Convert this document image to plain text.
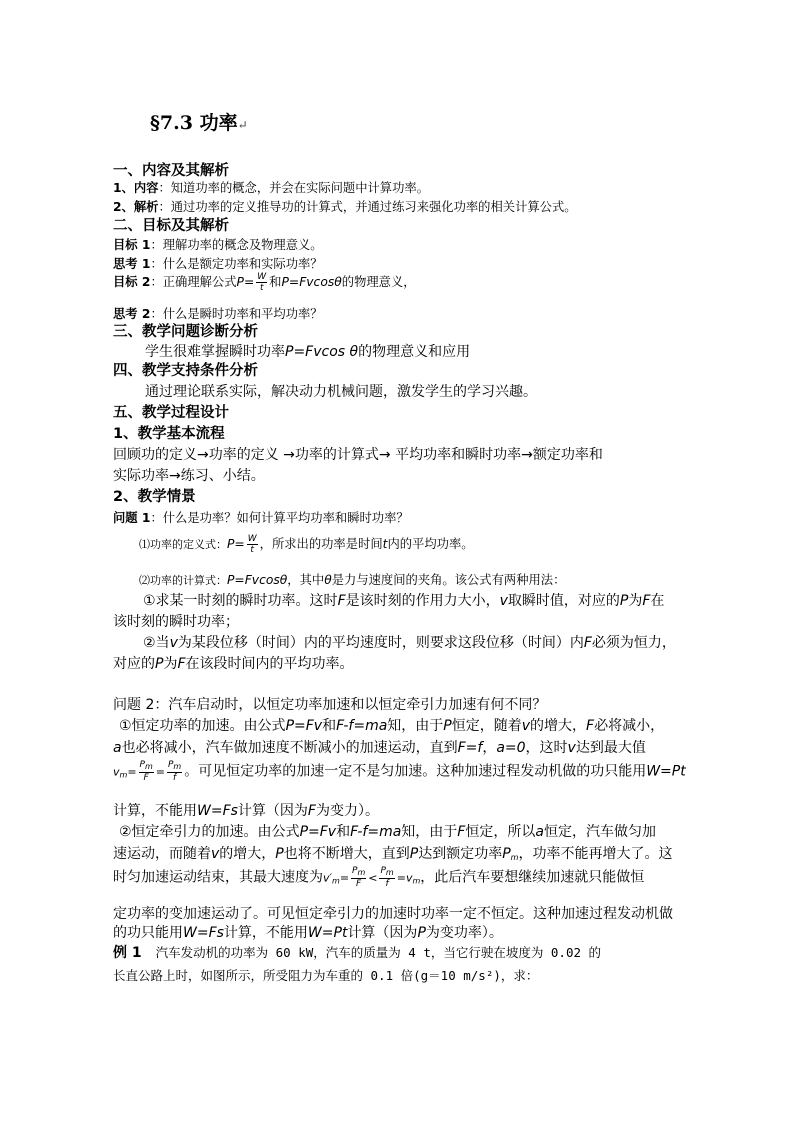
§7.3 功率↵
一、内容及其解析
1、内容：知道功率的概念，并会在实际问题中计算功率。
2、解析：通过功率的定义推导功的计算式，并通过练习来强化功率的相关计算公式。
二、目标及其解析
目标 1：理解功率的概念及物理意义。
思考 1：什么是额定功率和实际功率？
目标 2：正确理解公式$P= \frac{W}{t}$ 和P=Fvcosθ的物理意义，
思考 2：什么是瞬时功率和平均功率？
三、教学问题诊断分析
学生很难掌握瞬时功率P=Fvcos θ的物理意义和应用
四、教学支持条件分析
通过理论联系实际，解决动力机械问题，激发学生的学习兴趣。
五、教学过程设计
1、教学基本流程
回顾功的定义→功率的定义 →功率的计算式→ 平均功率和瞬时功率→额定功率和
实际功率→练习、小结。
2、教学情景
问题 1：什么是功率？如何计算平均功率和瞬时功率？
⑴功率的定义式：$P= \frac{W}{t}$ ，所求出的功率是时间t内的平均功率。
⑵功率的计算式：P=Fvcosθ，其中θ是力与速度间的夹角。该公式有两种用法：
①求某一时刻的瞬时功率。这时F是该时刻的作用力大小，v取瞬时值，对应的P为F在
该时刻的瞬时功率；
②当v为某段位移（时间）内的平均速度时，则要求这段位移（时间）内F必须为恒力，
对应的P为F在该段时间内的平均功率。
问题 2：汽车启动时，以恒定功率加速和以恒定牵引力加速有何不同？
①恒定功率的加速。由公式P=Fv和F-f=ma知，由于P恒定，随着v的增大，F必将减小，
a也必将减小，汽车做加速度不断减小的加速运动，直到F=f，a=0，这时v达到最大值
$v_m= \frac{Pm}{F} = \frac{Pm}{f}$ 。可见恒定功率的加速一定不是匀加速。这种加速过程发动机做的功只能用W=Pt
计算，不能用W=Fs计算（因为F为变力）。
②恒定牵引力的加速。由公式P=Fv和F-f=ma知，由于F恒定，所以a恒定，汽车做匀加
速运动，而随着v的增大，P也将不断增大，直到P达到额定功率$P_m$，功率不能再增大了。这
时匀加速运动结束，其最大速度为$v'_m= \frac{Pm}{F} < \frac{Pm}{f} =v_m$，此后汽车要想继续加速就只能做恒
定功率的变加速运动了。可见恒定牵引力的加速时功率一定不恒定。这种加速过程发动机做
的功只能用W=Fs计算，不能用W=Pt计算（因为P为变功率）。
例 1 汽车发动机的功率为 60 kW，汽车的质量为 4 t，当它行驶在坡度为 0.02 的
长直公路上时，如图所示，所受阻力为车重的 0.1 倍(g＝10 m/s²)，求：
